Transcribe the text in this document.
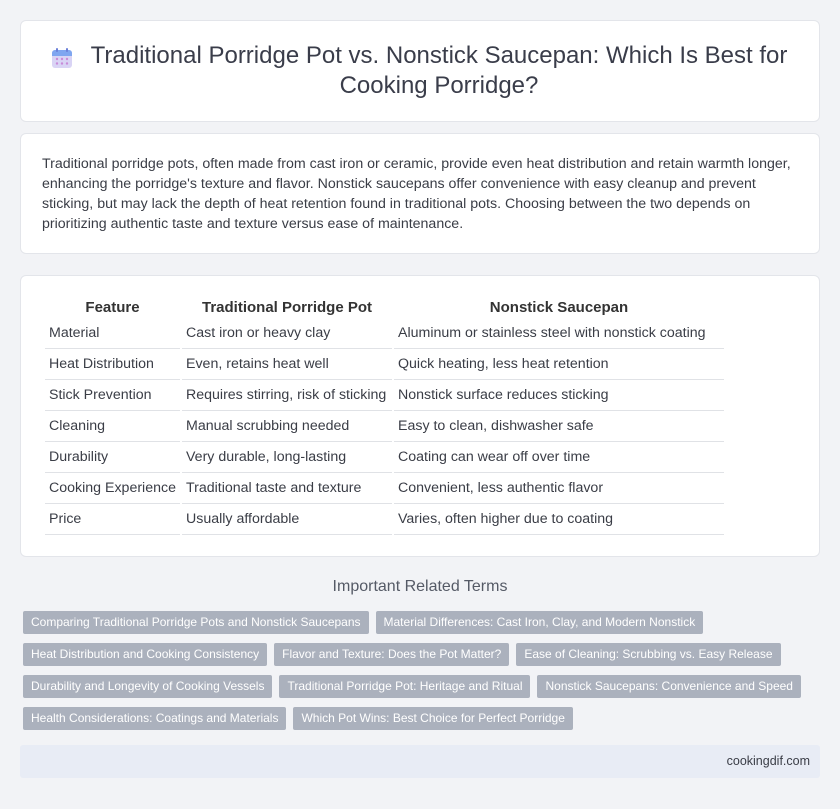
Traditional Porridge Pot vs. Nonstick Saucepan: Which Is Best for Cooking Porridge?

Traditional porridge pots, often made from cast iron or ceramic, provide even heat distribution and retain warmth longer, enhancing the porridge's texture and flavor. Nonstick saucepans offer convenience with easy cleanup and prevent sticking, but may lack the depth of heat retention found in traditional pots. Choosing between the two depends on prioritizing authentic taste and texture versus ease of maintenance.

Feature	Traditional Porridge Pot	Nonstick Saucepan
Material	Cast iron or heavy clay	Aluminum or stainless steel with nonstick coating
Heat Distribution	Even, retains heat well	Quick heating, less heat retention
Stick Prevention	Requires stirring, risk of sticking	Nonstick surface reduces sticking
Cleaning	Manual scrubbing needed	Easy to clean, dishwasher safe
Durability	Very durable, long-lasting	Coating can wear off over time
Cooking Experience	Traditional taste and texture	Convenient, less authentic flavor
Price	Usually affordable	Varies, often higher due to coating
Important Related Terms
Comparing Traditional Porridge Pots and Nonstick Saucepans	Material Differences: Cast Iron, Clay, and Modern Nonstick
Heat Distribution and Cooking Consistency	Flavor and Texture: Does the Pot Matter?	Ease of Cleaning: Scrubbing vs. Easy Release
Durability and Longevity of Cooking Vessels	Traditional Porridge Pot: Heritage and Ritual	Nonstick Saucepans: Convenience and Speed
Health Considerations: Coatings and Materials	Which Pot Wins: Best Choice for Perfect Porridge
cookingdif.com
